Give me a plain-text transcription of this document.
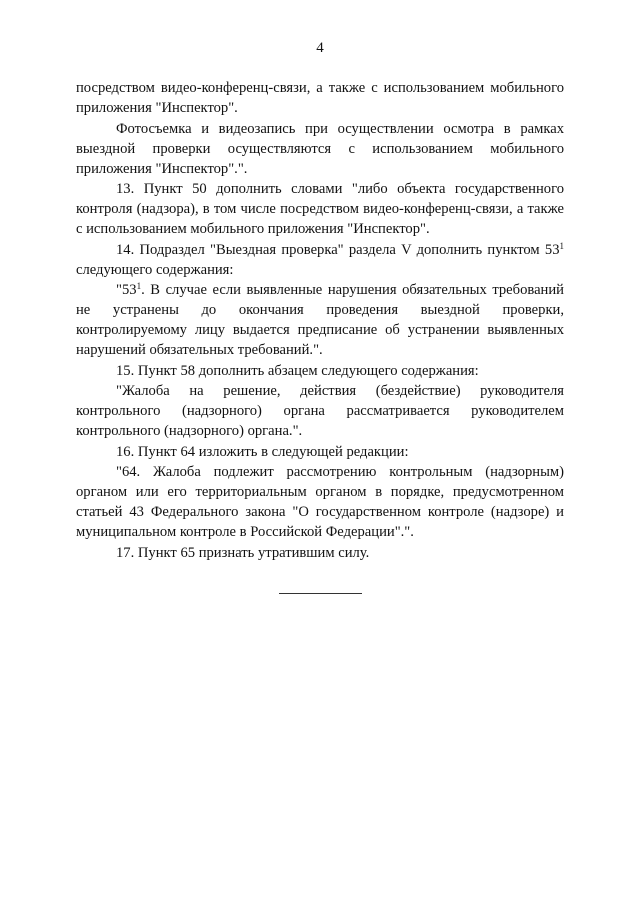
4

посредством видео-конференц-связи, а также с использованием мобильного приложения "Инспектор".

Фотосъемка и видеозапись при осуществлении осмотра в рамках выездной проверки осуществляются с использованием мобильного приложения "Инспектор".".

13. Пункт 50 дополнить словами "либо объекта государственного контроля (надзора), в том числе посредством видео-конференц-связи, а также с использованием мобильного приложения "Инспектор".

14. Подраздел "Выездная проверка" раздела V дополнить пунктом $53^1$ следующего содержания:

"$53^1$. В случае если выявленные нарушения обязательных требований не устранены до окончания проведения выездной проверки, контролируемому лицу выдается предписание об устранении выявленных нарушений обязательных требований.".

15. Пункт 58 дополнить абзацем следующего содержания:

"Жалоба на решение, действия (бездействие) руководителя контрольного (надзорного) органа рассматривается руководителем контрольного (надзорного) органа.".

16. Пункт 64 изложить в следующей редакции:

"64. Жалоба подлежит рассмотрению контрольным (надзорным) органом или его территориальным органом в порядке, предусмотренном статьей 43 Федерального закона "О государственном контроле (надзоре) и муниципальном контроле в Российской Федерации".".

17. Пункт 65 признать утратившим силу.
